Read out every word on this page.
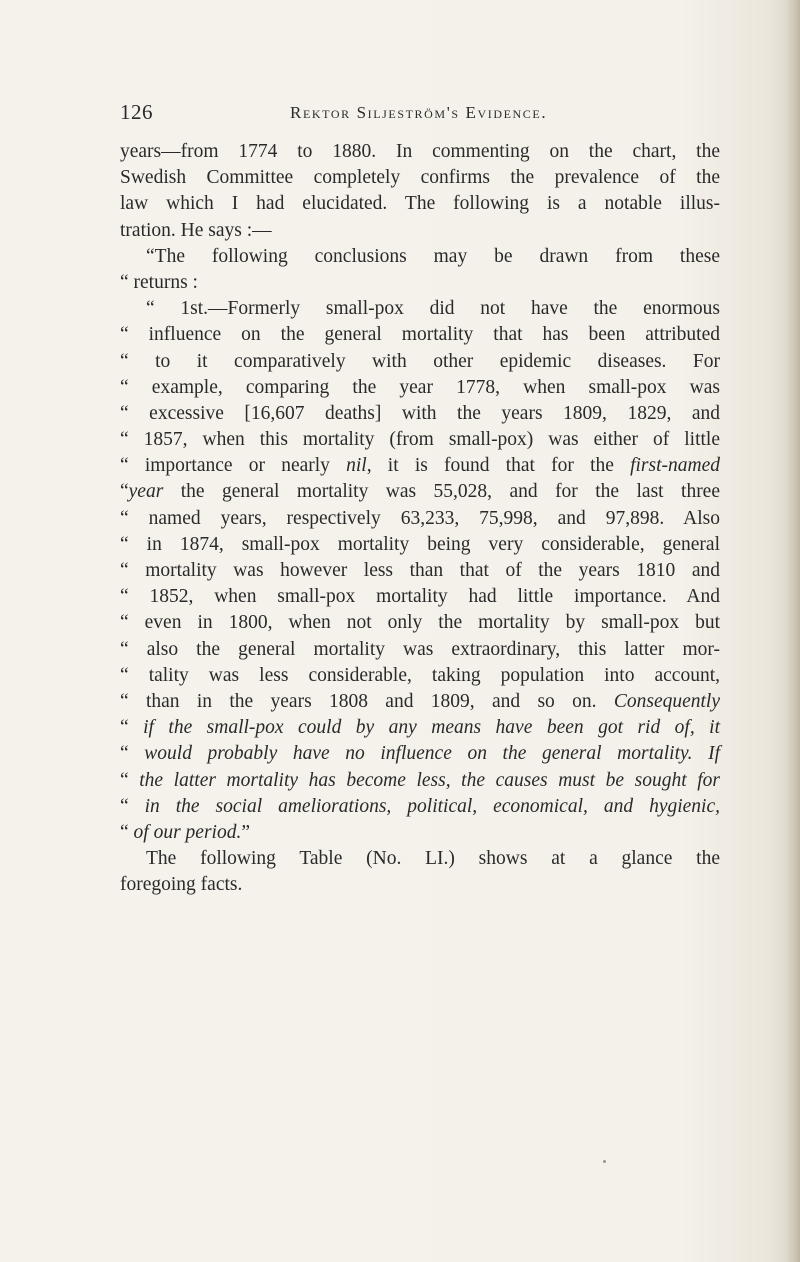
126	Rektor Siljeström's Evidence.
years—from 1774 to 1880. In commenting on the chart, the
Swedish Committee completely confirms the prevalence of the
law which I had elucidated. The following is a notable illus-
tration. He says :—
“The following conclusions may be drawn from these
“ returns :
“ 1st.—Formerly small-pox did not have the enormous
“ influence on the general mortality that has been attributed
“ to it comparatively with other epidemic diseases. For
“ example, comparing the year 1778, when small-pox was
“ excessive [16,607 deaths] with the years 1809, 1829, and
“ 1857, when this mortality (from small-pox) was either of little
“ importance or nearly nil, it is found that for the first-named
“year the general mortality was 55,028, and for the last three
“ named years, respectively 63,233, 75,998, and 97,898. Also
“ in 1874, small-pox mortality being very considerable, general
“ mortality was however less than that of the years 1810 and
“ 1852, when small-pox mortality had little importance. And
“ even in 1800, when not only the mortality by small-pox but
“ also the general mortality was extraordinary, this latter mor-
“ tality was less considerable, taking population into account,
“ than in the years 1808 and 1809, and so on. Consequently
“ if the small-pox could by any means have been got rid of, it
“ would probably have no influence on the general mortality. If
“ the latter mortality has become less, the causes must be sought for
“ in the social ameliorations, political, economical, and hygienic,
“ of our period.”
The following Table (No. LI.) shows at a glance the
foregoing facts.
